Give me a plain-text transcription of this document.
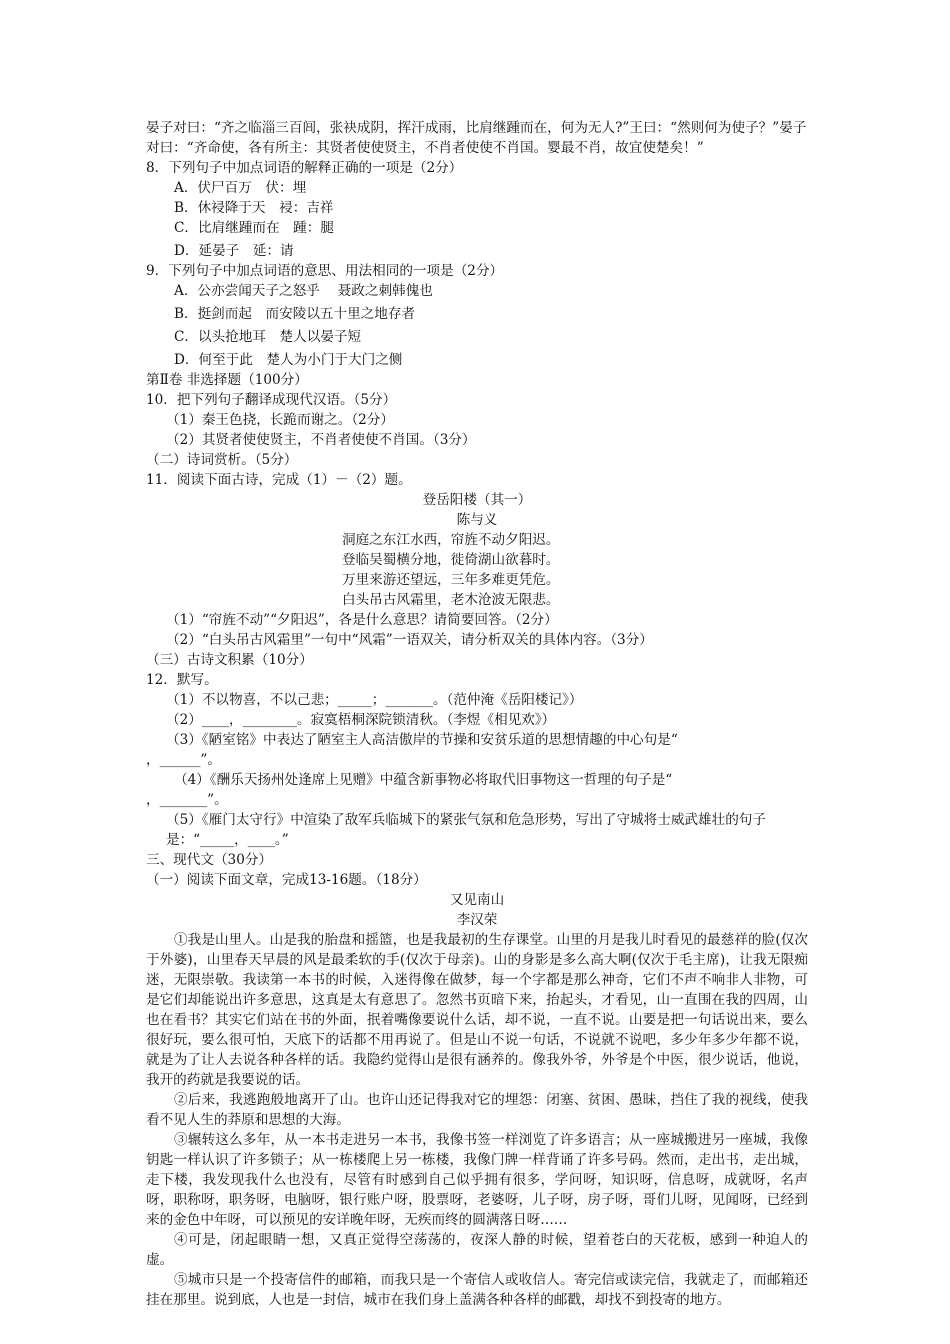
晏子对曰：“齐之临淄三百闾，张袂成阴，挥汗成雨，比肩继踵而在，何为无人?”王曰：“然则何为使子？”晏子对曰：“齐命使，各有所主：其贤者使使贤主，不肖者使使不肖国。婴最不肖，故宜使楚矣！”

8．下列句子中加点词语的解释正确的一项是（2分）

A．伏尸百万　伏：埋

B．休祲降于天　祲：吉祥

C．比肩继踵而在　踵：腿

D．延晏子　延：请

9．下列句子中加点词语的意思、用法相同的一项是（2分）

A．公亦尝闻天子之怒乎　 聂政之刺韩傀也

B．挺剑而起　而安陵以五十里之地存者

C．以头抢地耳　楚人以晏子短

D．何至于此　楚人为小门于大门之侧

第Ⅱ卷 非选择题（100分）

10．把下列句子翻译成现代汉语。（5分）

（1）秦王色挠，长跪而谢之。（2分）

（2）其贤者使使贤主，不肖者使使不肖国。（3分）

（二）诗词赏析。（5分）

11．阅读下面古诗，完成（1）－（2）题。

登岳阳楼（其一）

陈与义

洞庭之东江水西，帘旌不动夕阳迟。

登临吴蜀横分地，徙倚湖山欲暮时。

万里来游还望远，三年多难更凭危。

白头吊古风霜里，老木沧波无限悲。

（1）“帘旌不动”“夕阳迟”，各是什么意思？请简要回答。（2分）

（2）“白头吊古风霜里”一句中“风霜”一语双关，请分析双关的具体内容。（3分）

（三）古诗文积累（10分）

12．默写。

（1）不以物喜，不以己悲；_____；_______。（范仲淹《岳阳楼记》）

（2）____，________。寂寞梧桐深院锁清秋。（李煜《相见欢》）

（3）《陋室铭》中表达了陋室主人高洁傲岸的节操和安贫乐道的思想情趣的中心句是“

，______”。

（4）《酬乐天扬州处逢席上见赠》中蕴含新事物必将取代旧事物这一哲理的句子是“

，_______”。

（5）《雁门太守行》中渲染了敌军兵临城下的紧张气氛和危急形势，写出了守城将士威武雄壮的句子是：“_____，____。”

三、现代文（30分）

（一）阅读下面文章，完成13-16题。（18分）

又见南山

李汉荣

①我是山里人。山是我的胎盘和摇篮，也是我最初的生存课堂。山里的月是我儿时看见的最慈祥的脸(仅次于外婆)，山里春天早晨的风是最柔软的手(仅次于母亲)。山的身影是多么高大啊(仅次于毛主席)，让我无限痴迷，无限崇敬。我读第一本书的时候，入迷得像在做梦，每一个字都是那么神奇，它们不声不响非人非物，可是它们却能说出许多意思，这真是太有意思了。忽然书页暗下来，抬起头，才看见，山一直围在我的四周，山也在看书？其实它们站在书的外面，抿着嘴像要说什么话，却不说，一直不说。山要是把一句话说出来，要么很好玩，要么很可怕，天底下的话都不用再说了。但是山不说一句话，不说就不说吧，多少年多少年都不说，就是为了让人去说各种各样的话。我隐约觉得山是很有涵养的。像我外爷，外爷是个中医，很少说话，他说，我开的药就是我要说的话。

②后来，我逃跑般地离开了山。也许山还记得我对它的埋怨：闭塞、贫困、愚昧，挡住了我的视线，使我看不见人生的莽原和思想的大海。

③辗转这么多年，从一本书走进另一本书，我像书签一样浏览了许多语言；从一座城搬进另一座城，我像钥匙一样认识了许多锁子；从一栋楼爬上另一栋楼，我像门牌一样背诵了许多号码。然而，走出书，走出城，走下楼，我发现我什么也没有，尽管有时感到自己似乎拥有很多，学问呀，知识呀，信息呀，成就呀，名声呀，职称呀，职务呀，电脑呀，银行账户呀，股票呀，老婆呀，儿子呀，房子呀，哥们儿呀，见闻呀，已经到来的金色中年呀，可以预见的安详晚年呀，无疾而终的圆满落日呀……

④可是，闭起眼睛一想，又真正觉得空荡荡的，夜深人静的时候，望着苍白的天花板，感到一种迫人的虚。

⑤城市只是一个投寄信件的邮箱，而我只是一个寄信人或收信人。寄完信或读完信，我就走了，而邮箱还挂在那里。说到底，人也是一封信，城市在我们身上盖满各种各样的邮戳，却找不到投寄的地方。
